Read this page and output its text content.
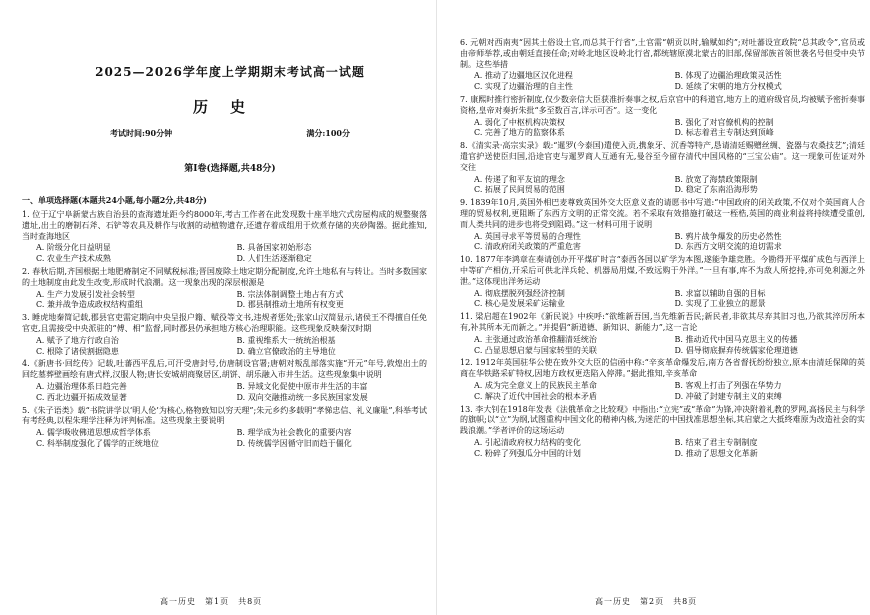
2025—2026学年度上学期期末考试高一试题
历史
考试时间:90分钟	满分:100分
第Ⅰ卷(选择题,共48分)
一、单项选择题(本题共24小题,每小题2分,共48分)

1. 位于辽宁阜新蒙古族自治县的查海遗址距今约8000年,考古工作者在此发现数十座半地穴式房屋构成的规整聚落遗址,出土的磨制石斧、石铲等农具及耕作与收割的动植物遗存,还遗存着成组用于炊煮存储的夹砂陶器。据此推知,当时查海地区

A. 阶级分化日益明显	B. 具备国家初始形态
C. 农业生产技术成熟	D. 人们生活逐渐稳定

2. 春秋后期,齐国根据土地肥瘠制定不同赋税标准;晋国废除土地定期分配制度,允许土地私有与转让。当时多数国家的土地制度由此发生改变,形成时代浪潮。这一现象出现的深层根源是

A. 生产力发展引发社会转型	B. 宗法体制调整土地占有方式
C. 兼并战争造成政权结构重组	D. 郡县制推动土地所有权变更

3. 睡虎地秦简记载,郡县官吏需定期向中央呈报户籍、赋役等文书,违规者惩处;张家山汉简显示,诸侯王不得擅自任免官吏,且需接受中央派驻的“傅、相”监督,同时郡县仍承担地方核心治理职能。这些现象反映秦汉时期

A. 赋予了地方行政自治	B. 重视维系大一统统治根基
C. 根除了诸侯割据隐患	D. 确立官僚政治的主导地位

4.《新唐书·回纥传》记载,吐蕃西平乱后,可汗受唐封号,仿唐制设官署;唐朝对叛乱部落实施“开元”年号,敦煌出土的回纥墓葬壁画绘有唐式样,汉服人物;唐长安城胡商聚居区,胡饼、胡乐融入市井生活。这些现象集中说明

A. 边疆治理体系日趋完善	B. 异域文化促使中原市井生活的丰富
C. 西北边疆开拓成效显著	D. 双向交融推动统一多民族国家发展

5.《朱子语类》载“书院讲学以‘明人伦’为核心,格物致知以穷天理”;朱元乡约多载明“孝悌忠信、礼义廉耻”,科举考试有考经典,以程朱理学注释为评判标准。这些现象主要说明

A. 儒学吸收佛道思想成哲学体系	B. 理学成为社会教化的重要内容
C. 科举制度强化了儒学的正统地位	D. 传统儒学因循守旧而趋于僵化

6. 元朝对西南夷“因其土俗设土官,而总其于行省”,土官需“朝贡以时,输赋如约”;对吐蕃设宣政院“总其政令”,官员或由帝师举荐,或由朝廷直接任命;对岭北地区设岭北行省,都统辖原漠北蒙古的旧部,保留部族首领世袭名号但受中央节制。这些举措

A. 推动了边疆地区汉化进程	B. 体现了边疆治理政策灵活性
C. 实现了边疆治理的自主性	D. 延续了宋朝的地方分权模式

7. 康熙时推行密折制度,仅少数亲信大臣获准折奏事之权,后京官中的科道官,地方上的道府级官员,均被赋予密折奏事资格,皇帝对奏折朱批“多至数百言,详示可否”。这一变化

A. 弱化了中枢机构决策权	B. 强化了对官僚机构的控制
C. 完善了地方的监察体系	D. 标志着君主专制达到顶峰

8.《清实录·高宗实录》载:“暹罗(今泰国)遣使入贡,携象牙、沉香等特产,恳请清廷赐赠丝绸、瓷器与农桑技艺”;清廷遣官护送使臣归国,沿途官吏与暹罗商人互通有无,曼谷至今留存清代中国风格的“三宝公庙”。这一现象可佐证对外交往

A. 传递了和平友谊的理念	B. 放宽了海禁政策限制
C. 拓展了民间贸易的范围	D. 稳定了东南沿海形势

9. 1839年10月,英国外相巴麦尊致英国外交大臣意义查的请愿书中写道:“中国政府的闭关政策,不仅对个英国商人合理的贸易权利,更阻断了东西方文明的正常交流。若不采取有效措施打破这一桎梏,英国的商业利益将持续遭受重创,而人类共同的进步也将受到阻碍。”这一材料可用于说明

A. 英国寻求平等贸易的合理性	B. 鸦片战争爆发的历史必然性
C. 清政府闭关政策的严重危害	D. 东西方文明交流的迫切需求

10. 1877年李鸿章在奏请创办开平煤矿时言“泰西各国以矿学为本图,遂能争雄竞胜。今勘得开平煤矿成色与西洋上中等矿产相仿,开采后可供北洋兵轮、机器局用煤,不致远购于外洋。”一旦有事,库不为敌人所挖持,亦可免利源之外泄。”这体现出洋务运动

A. 彻底摆脱列强经济控制	B. 求富以辅助自强的目标
C. 核心是发展采矿运输业	D. 实现了工业独立的愿景

11. 梁启超在1902年《新民说》中疾呼:“欲维新吾国,当先维新吾民;新民者,非欲其尽弃其旧习也,乃欲其淬厉所本有,补其所本无而新之。”并提倡“新道德、新知识、新能力”,这一言论

A. 主张通过政治革命推翻清廷统治	B. 推动近代中国马克思主义的传播
C. 凸显思想启蒙与国家转型的关联	D. 倡导彻底摒弃传统儒家伦理道德

12. 1912年英国驻华公使在致外交大臣的信函中称:“辛亥革命爆发后,南方各省督抚纷纷独立,原本由清廷保障的英商在华铁路采矿特权,因地方政权更迭陷入停滞。”据此推知,辛亥革命

A. 成为完全意义上的民族民主革命	B. 客观上打击了列强在华势力
C. 解决了近代中国社会的根本矛盾	D. 冲破了封建专制主义的束缚

13. 李大钊在1918年发表《法俄革命之比较观》中指出:“立宪”或“革命”为锋,冲决附着礼教的罗网,高扬民主与科学的旗帜;以“立”为纲,试图重构中国文化的精神内核,为迷茫的中国找准思想坐标,其启蒙之大抵终难原为改造社会的实践浪潮。”学者评价的这场运动

A. 引起清政府权力结构的变化	B. 结束了君主专制制度
C. 粉碎了列强瓜分中国的计划	D. 推动了思想文化革新
高一历史　第1页　共8页	高一历史　第2页　共8页
